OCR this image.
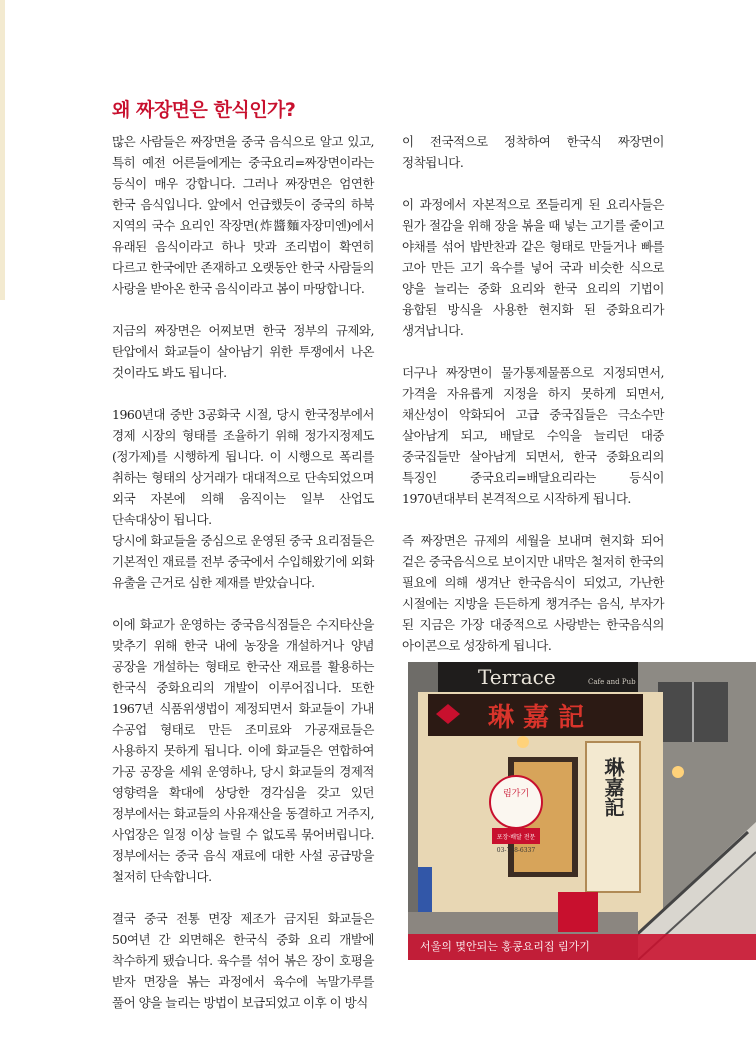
왜 짜장면은 한식인가?

많은 사람들은 짜장면을 중국 음식으로 알고 있고, 특히 예전 어른들에게는 중국요리=짜장면이라는 등식이 매우 강합니다. 그러나 짜장면은 엄연한 한국 음식입니다. 앞에서 언급했듯이 중국의 하북 지역의 국수 요리인 작장면(炸醬麵자장미엔)에서 유래된 음식이라고 하나 맛과 조리법이 확연히 다르고 한국에만 존재하고 오랫동안 한국 사람들의 사랑을 받아온 한국 음식이라고 봄이 마땅합니다.

지금의 짜장면은 어찌보면 한국 정부의 규제와, 탄압에서 화교들이 살아남기 위한 투쟁에서 나온 것이라도 봐도 됩니다.

1960년대 중반 3공화국 시절, 당시 한국정부에서 경제 시장의 형태를 조율하기 위해 정가지정제도(정가제)를 시행하게 됩니다. 이 시행으로 폭리를 취하는 형태의 상거래가 대대적으로 단속되었으며 외국 자본에 의해 움직이는 일부 산업도 단속대상이 됩니다.

당시에 화교들을 중심으로 운영된 중국 요리점들은 기본적인 재료를 전부 중국에서 수입해왔기에 외화 유출을 근거로 심한 제재를 받았습니다.

이에 화교가 운영하는 중국음식점들은 수지타산을 맞추기 위해 한국 내에 농장을 개설하거나 양념 공장을 개설하는 형태로 한국산 재료를 활용하는 한국식 중화요리의 개발이 이루어집니다. 또한 1967년 식품위생법이 제정되면서 화교들이 가내 수공업 형태로 만든 조미료와 가공재료들은 사용하지 못하게 됩니다. 이에 화교들은 연합하여 가공 공장을 세워 운영하나, 당시 화교들의 경제적 영향력을 확대에 상당한 경각심을 갖고 있던 정부에서는 화교들의 사유재산을 동결하고 거주지, 사업장은 일정 이상 늘릴 수 없도록 묶어버립니다. 정부에서는 중국 음식 재료에 대한 사설 공급망을 철저히 단속합니다.

결국 중국 전통 면장 제조가 금지된 화교들은 50여년 간 외면해온 한국식 중화 요리 개발에 착수하게 됐습니다. 육수를 섞어 볶은 장이 호평을 받자 면장을 볶는 과정에서 육수에 녹말가루를 풀어 양을 늘리는 방법이 보급되었고 이후 이 방식

이 전국적으로 정착하여 한국식 짜장면이 정착됩니다.

이 과정에서 자본적으로 쪼들리게 된 요리사들은 원가 절감을 위해 장을 볶을 때 넣는 고기를 줄이고 야채를 섞어 밥반찬과 같은 형태로 만들거나 빠를 고아 만든 고기 육수를 넣어 국과 비슷한 식으로 양을 늘리는 중화 요리와 한국 요리의 기법이 융합된 방식을 사용한 현지화 된 중화요리가 생겨납니다.

더구나 짜장면이 물가통제물품으로 지정되면서, 가격을 자유롭게 지정을 하지 못하게 되면서, 채산성이 악화되어 고급 중국집들은 극소수만 살아남게 되고, 배달로 수익을 늘리던 대중 중국집들만 살아남게 되면서, 한국 중화요리의 특징인 중국요리=배달요리라는 등식이 1970년대부터 본격적으로 시작하게 됩니다.

즉 짜장면은 규제의 세월을 보내며 현지화 되어 겉은 중국음식으로 보이지만 내막은 철저히 한국의 필요에 의해 생겨난 한국음식이 되었고, 가난한 시절에는 지방을 든든하게 챙겨주는 음식, 부자가 된 지금은 가장 대중적으로 사랑받는 한국음식의 아이콘으로 성장하게 됩니다.

Terrace	Cafe and Pub
琳 嘉 記
琳嘉記
림가기
포장·배달 전문
03-738-6337
서울의 몇안되는 홍콩요리집 림가기
